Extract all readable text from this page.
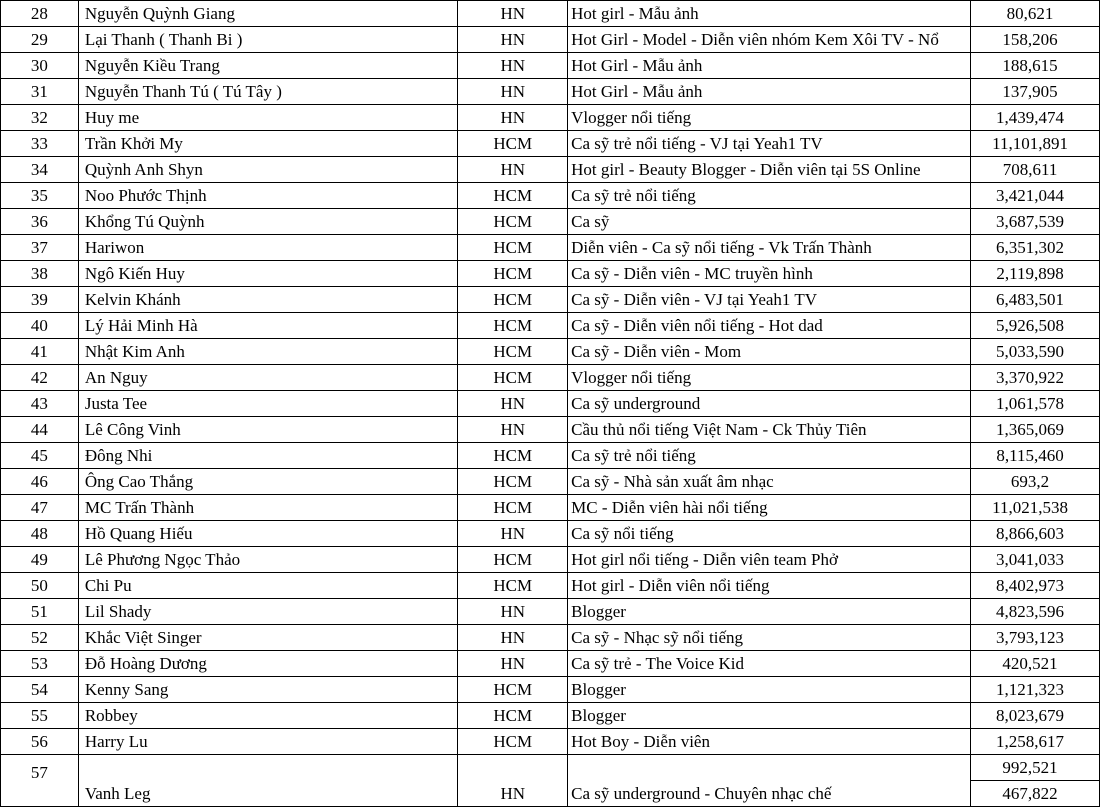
28	Nguyễn Quỳnh Giang	HN	Hot girl - Mẫu ảnh	80,621
29	Lại Thanh ( Thanh Bi )	HN	Hot Girl - Model - Diễn viên nhóm Kem Xôi TV - Nổ	158,206
30	Nguyễn Kiều Trang	HN	Hot Girl - Mẫu ảnh	188,615
31	Nguyễn Thanh Tú ( Tú Tây )	HN	Hot Girl - Mẫu ảnh	137,905
32	Huy me	HN	Vlogger nổi tiếng	1,439,474
33	Trần Khởi My	HCM	Ca sỹ trẻ nổi tiếng - VJ tại Yeah1 TV	11,101,891
34	Quỳnh Anh Shyn	HN	Hot girl - Beauty Blogger - Diễn viên tại 5S Online	708,611
35	Noo Phước Thịnh	HCM	Ca sỹ trẻ nổi tiếng	3,421,044
36	Khổng Tú Quỳnh	HCM	Ca sỹ	3,687,539
37	Hariwon	HCM	Diễn viên - Ca sỹ nổi tiếng - Vk Trấn Thành	6,351,302
38	Ngô Kiến Huy	HCM	Ca sỹ - Diễn viên - MC truyền hình	2,119,898
39	Kelvin Khánh	HCM	Ca sỹ - Diễn viên - VJ tại Yeah1 TV	6,483,501
40	Lý Hải Minh Hà	HCM	Ca sỹ - Diễn viên nổi tiếng - Hot dad	5,926,508
41	Nhật Kim Anh	HCM	Ca sỹ - Diễn viên - Mom	5,033,590
42	An Nguy	HCM	Vlogger nổi tiếng	3,370,922
43	Justa Tee	HN	Ca sỹ underground	1,061,578
44	Lê Công Vinh	HN	Cầu thủ nổi tiếng Việt Nam - Ck Thủy Tiên	1,365,069
45	Đông Nhi	HCM	Ca sỹ trẻ nổi tiếng	8,115,460
46	Ông Cao Thắng	HCM	Ca sỹ - Nhà sản xuất âm nhạc	693,2
47	MC Trấn Thành	HCM	MC - Diễn viên hài nổi tiếng	11,021,538
48	Hồ Quang Hiếu	HN	Ca sỹ nổi tiếng	8,866,603
49	Lê Phương Ngọc Thảo	HCM	Hot girl nổi tiếng - Diễn viên team Phở	3,041,033
50	Chi Pu	HCM	Hot girl - Diễn viên nổi tiếng	8,402,973
51	Lil Shady	HN	Blogger	4,823,596
52	Khắc Việt Singer	HN	Ca sỹ - Nhạc sỹ nổi tiếng	3,793,123
53	Đỗ Hoàng Dương	HN	Ca sỹ trẻ - The Voice Kid	420,521
54	Kenny Sang	HCM	Blogger	1,121,323
55	Robbey	HCM	Blogger	8,023,679
56	Harry Lu	HCM	Hot Boy - Diễn viên	1,258,617
57	Vanh Leg	HN	Ca sỹ underground - Chuyên nhạc chế	992,521
				467,822
